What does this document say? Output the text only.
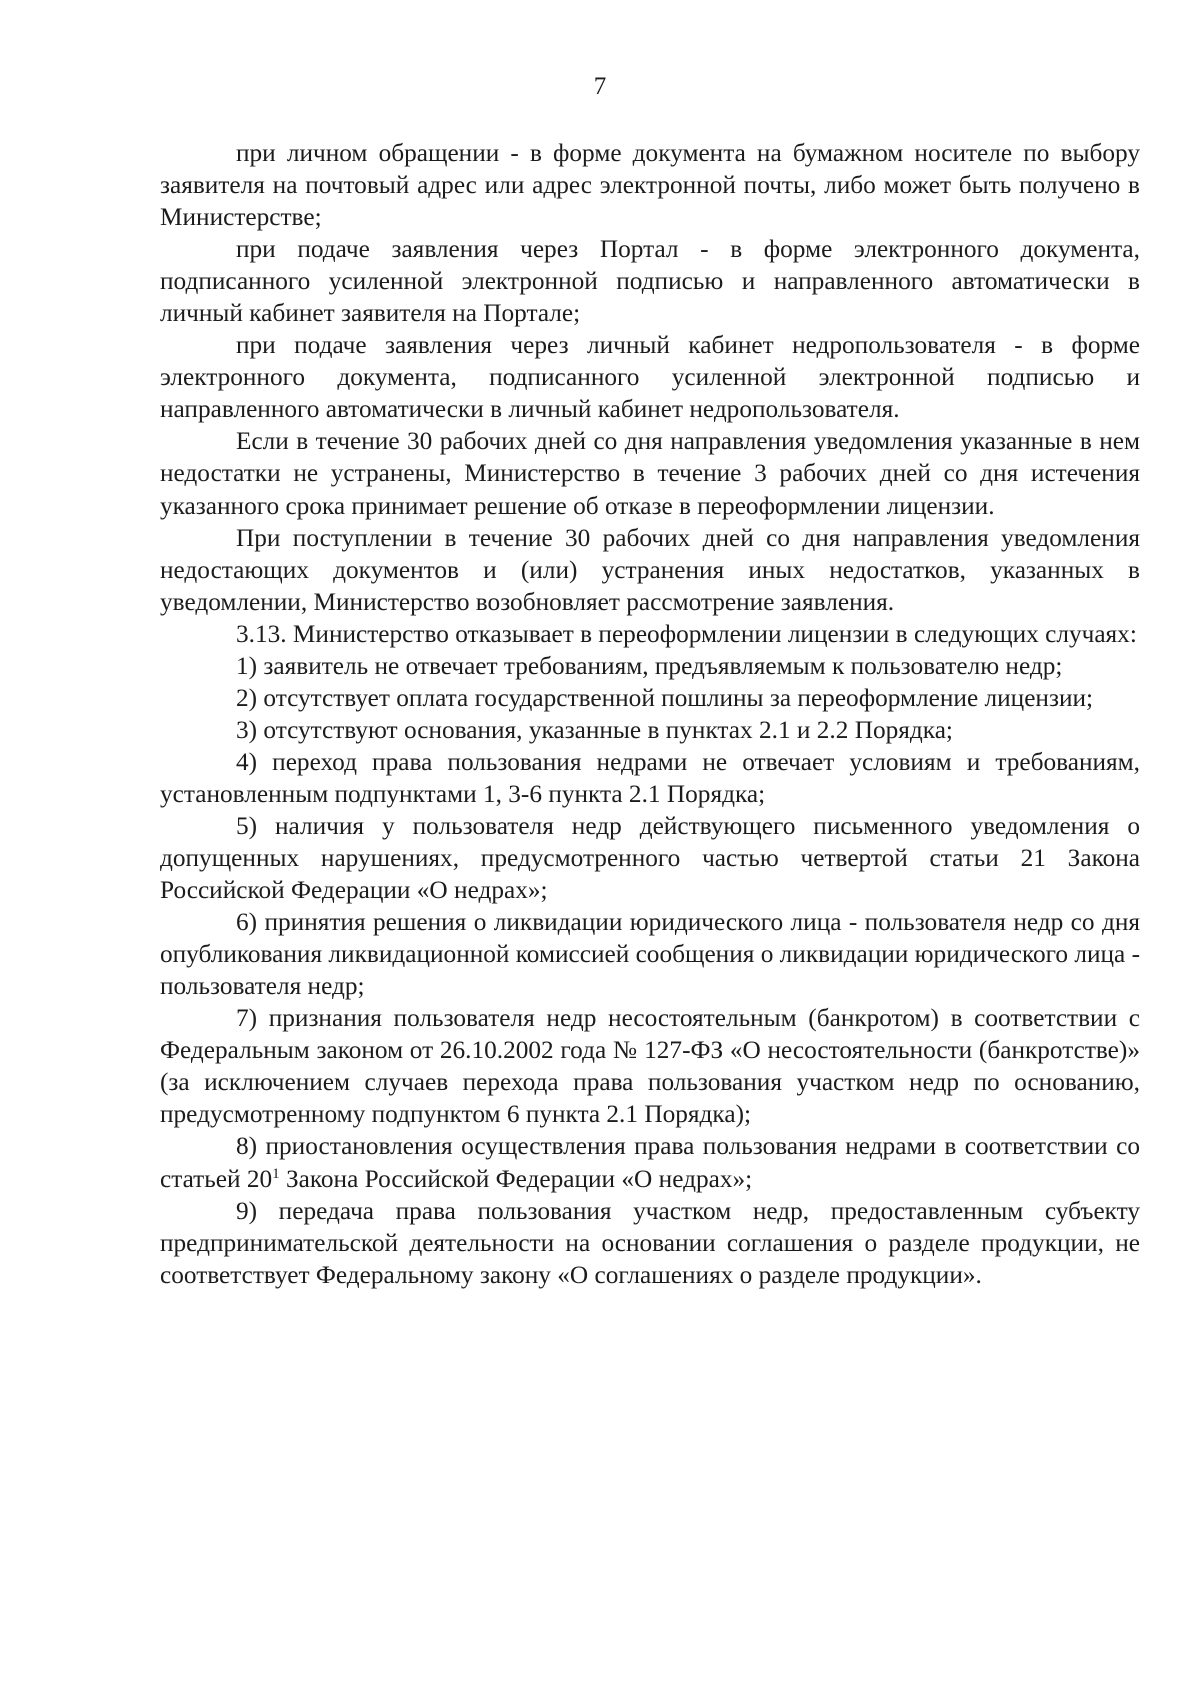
7

при личном обращении - в форме документа на бумажном носителе по выбору заявителя на почтовый адрес или адрес электронной почты, либо может быть получено в Министерстве;

при подаче заявления через Портал - в форме электронного документа, подписанного усиленной электронной подписью и направленного автоматически в личный кабинет заявителя на Портале;

при подаче заявления через личный кабинет недропользователя - в форме электронного документа, подписанного усиленной электронной подписью и направленного автоматически в личный кабинет недропользователя.

Если в течение 30 рабочих дней со дня направления уведомления указанные в нем недостатки не устранены, Министерство в течение 3 рабочих дней со дня истечения указанного срока принимает решение об отказе в переоформлении лицензии.

При поступлении в течение 30 рабочих дней со дня направления уведомления недостающих документов и (или) устранения иных недостатков, указанных в уведомлении, Министерство возобновляет рассмотрение заявления.

3.13. Министерство отказывает в переоформлении лицензии в следующих случаях:

1) заявитель не отвечает требованиям, предъявляемым к пользователю недр;

2) отсутствует оплата государственной пошлины за переоформление лицензии;

3) отсутствуют основания, указанные в пунктах 2.1 и 2.2 Порядка;

4) переход права пользования недрами не отвечает условиям и требованиям, установленным подпунктами 1, 3-6 пункта 2.1 Порядка;

5) наличия у пользователя недр действующего письменного уведомления о допущенных нарушениях, предусмотренного частью четвертой статьи 21 Закона Российской Федерации «О недрах»;

6) принятия решения о ликвидации юридического лица - пользователя недр со дня опубликования ликвидационной комиссией сообщения о ликвидации юридического лица - пользователя недр;

7) признания пользователя недр несостоятельным (банкротом) в соответствии с Федеральным законом от 26.10.2002 года № 127-ФЗ «О несостоятельности (банкротстве)» (за исключением случаев перехода права пользования участком недр по основанию, предусмотренному подпунктом 6 пункта 2.1 Порядка);

8) приостановления осуществления права пользования недрами в соответствии со статьей $20^1$ Закона Российской Федерации «О недрах»;

9) передача права пользования участком недр, предоставленным субъекту предпринимательской деятельности на основании соглашения о разделе продукции, не соответствует Федеральному закону «О соглашениях о разделе продукции».
